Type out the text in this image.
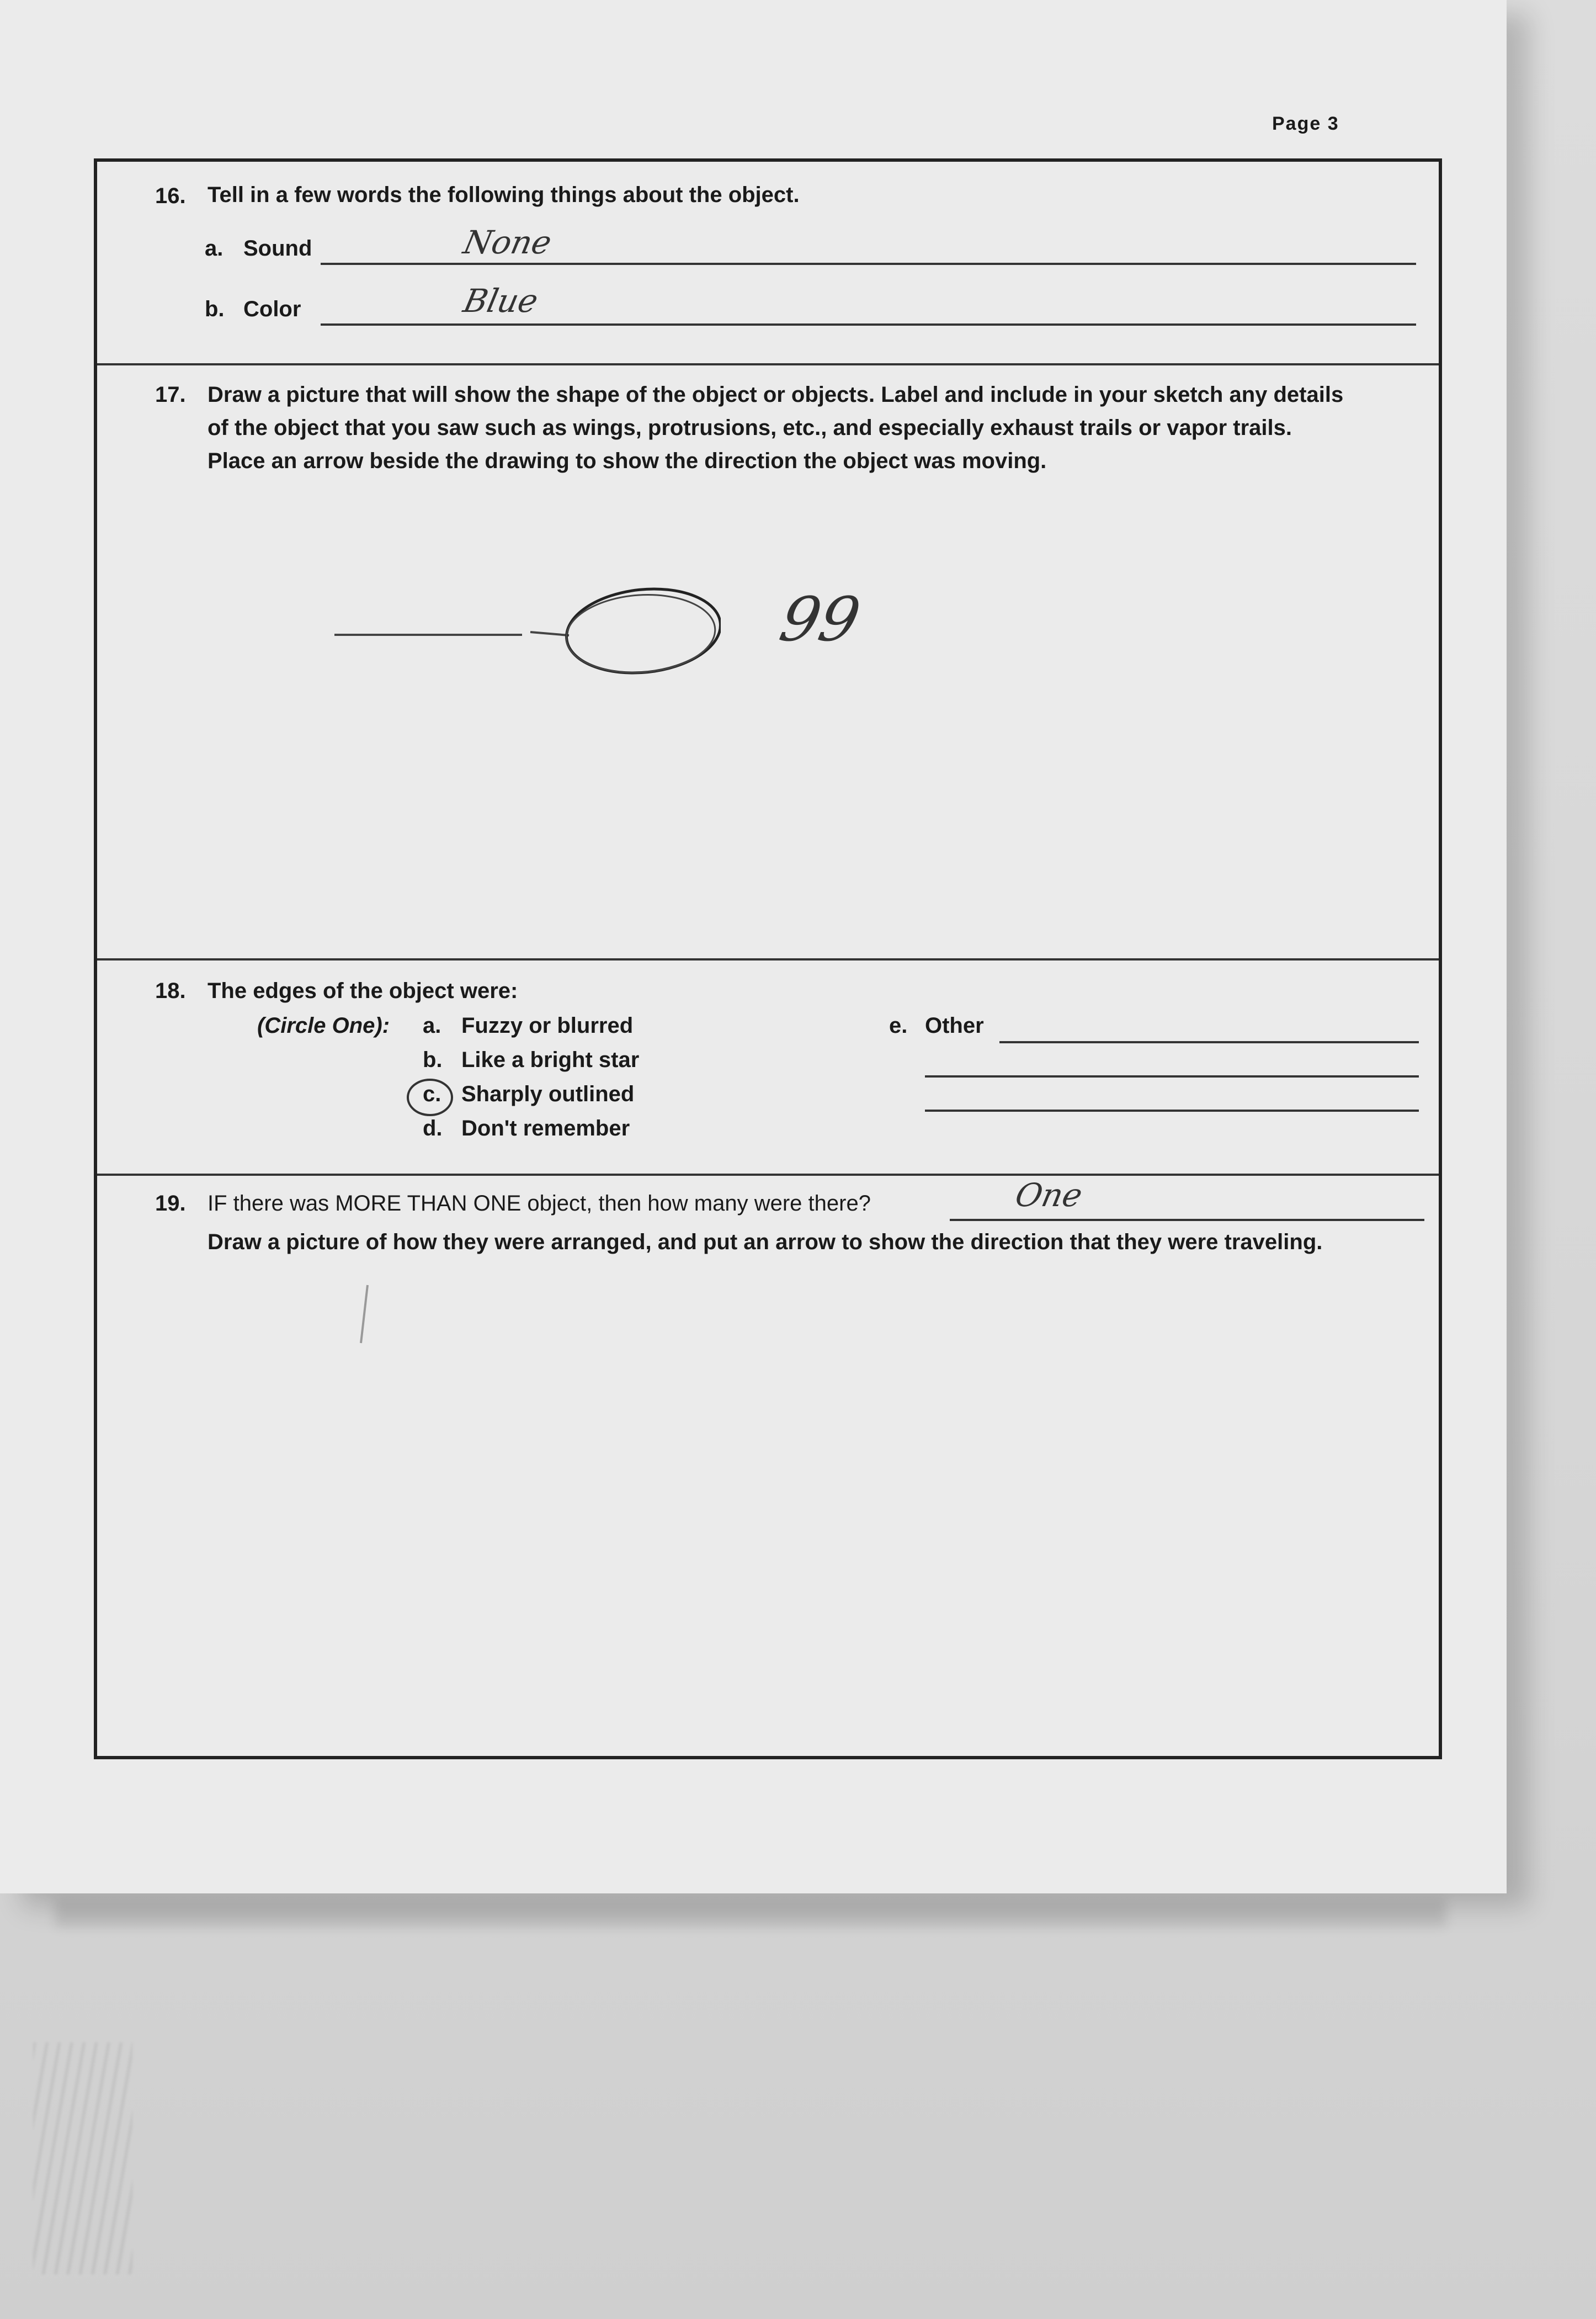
Page 3
16. Tell in a few words the following things about the object.
a. Sound	None
b. Color	Blue
17. Draw a picture that will show the shape of the object or objects. Label and include in your sketch any details
of the object that you saw such as wings, protrusions, etc., and especially exhaust trails or vapor trails.
Place an arrow beside the drawing to show the direction the object was moving.
99
18. The edges of the object were:
(Circle One): a. Fuzzy or blurred
b. Like a bright star
c. Sharply outlined
d. Don't remember
e. Other
19. IF there was MORE THAN ONE object, then how many were there?	One
Draw a picture of how they were arranged, and put an arrow to show the direction that they were traveling.
